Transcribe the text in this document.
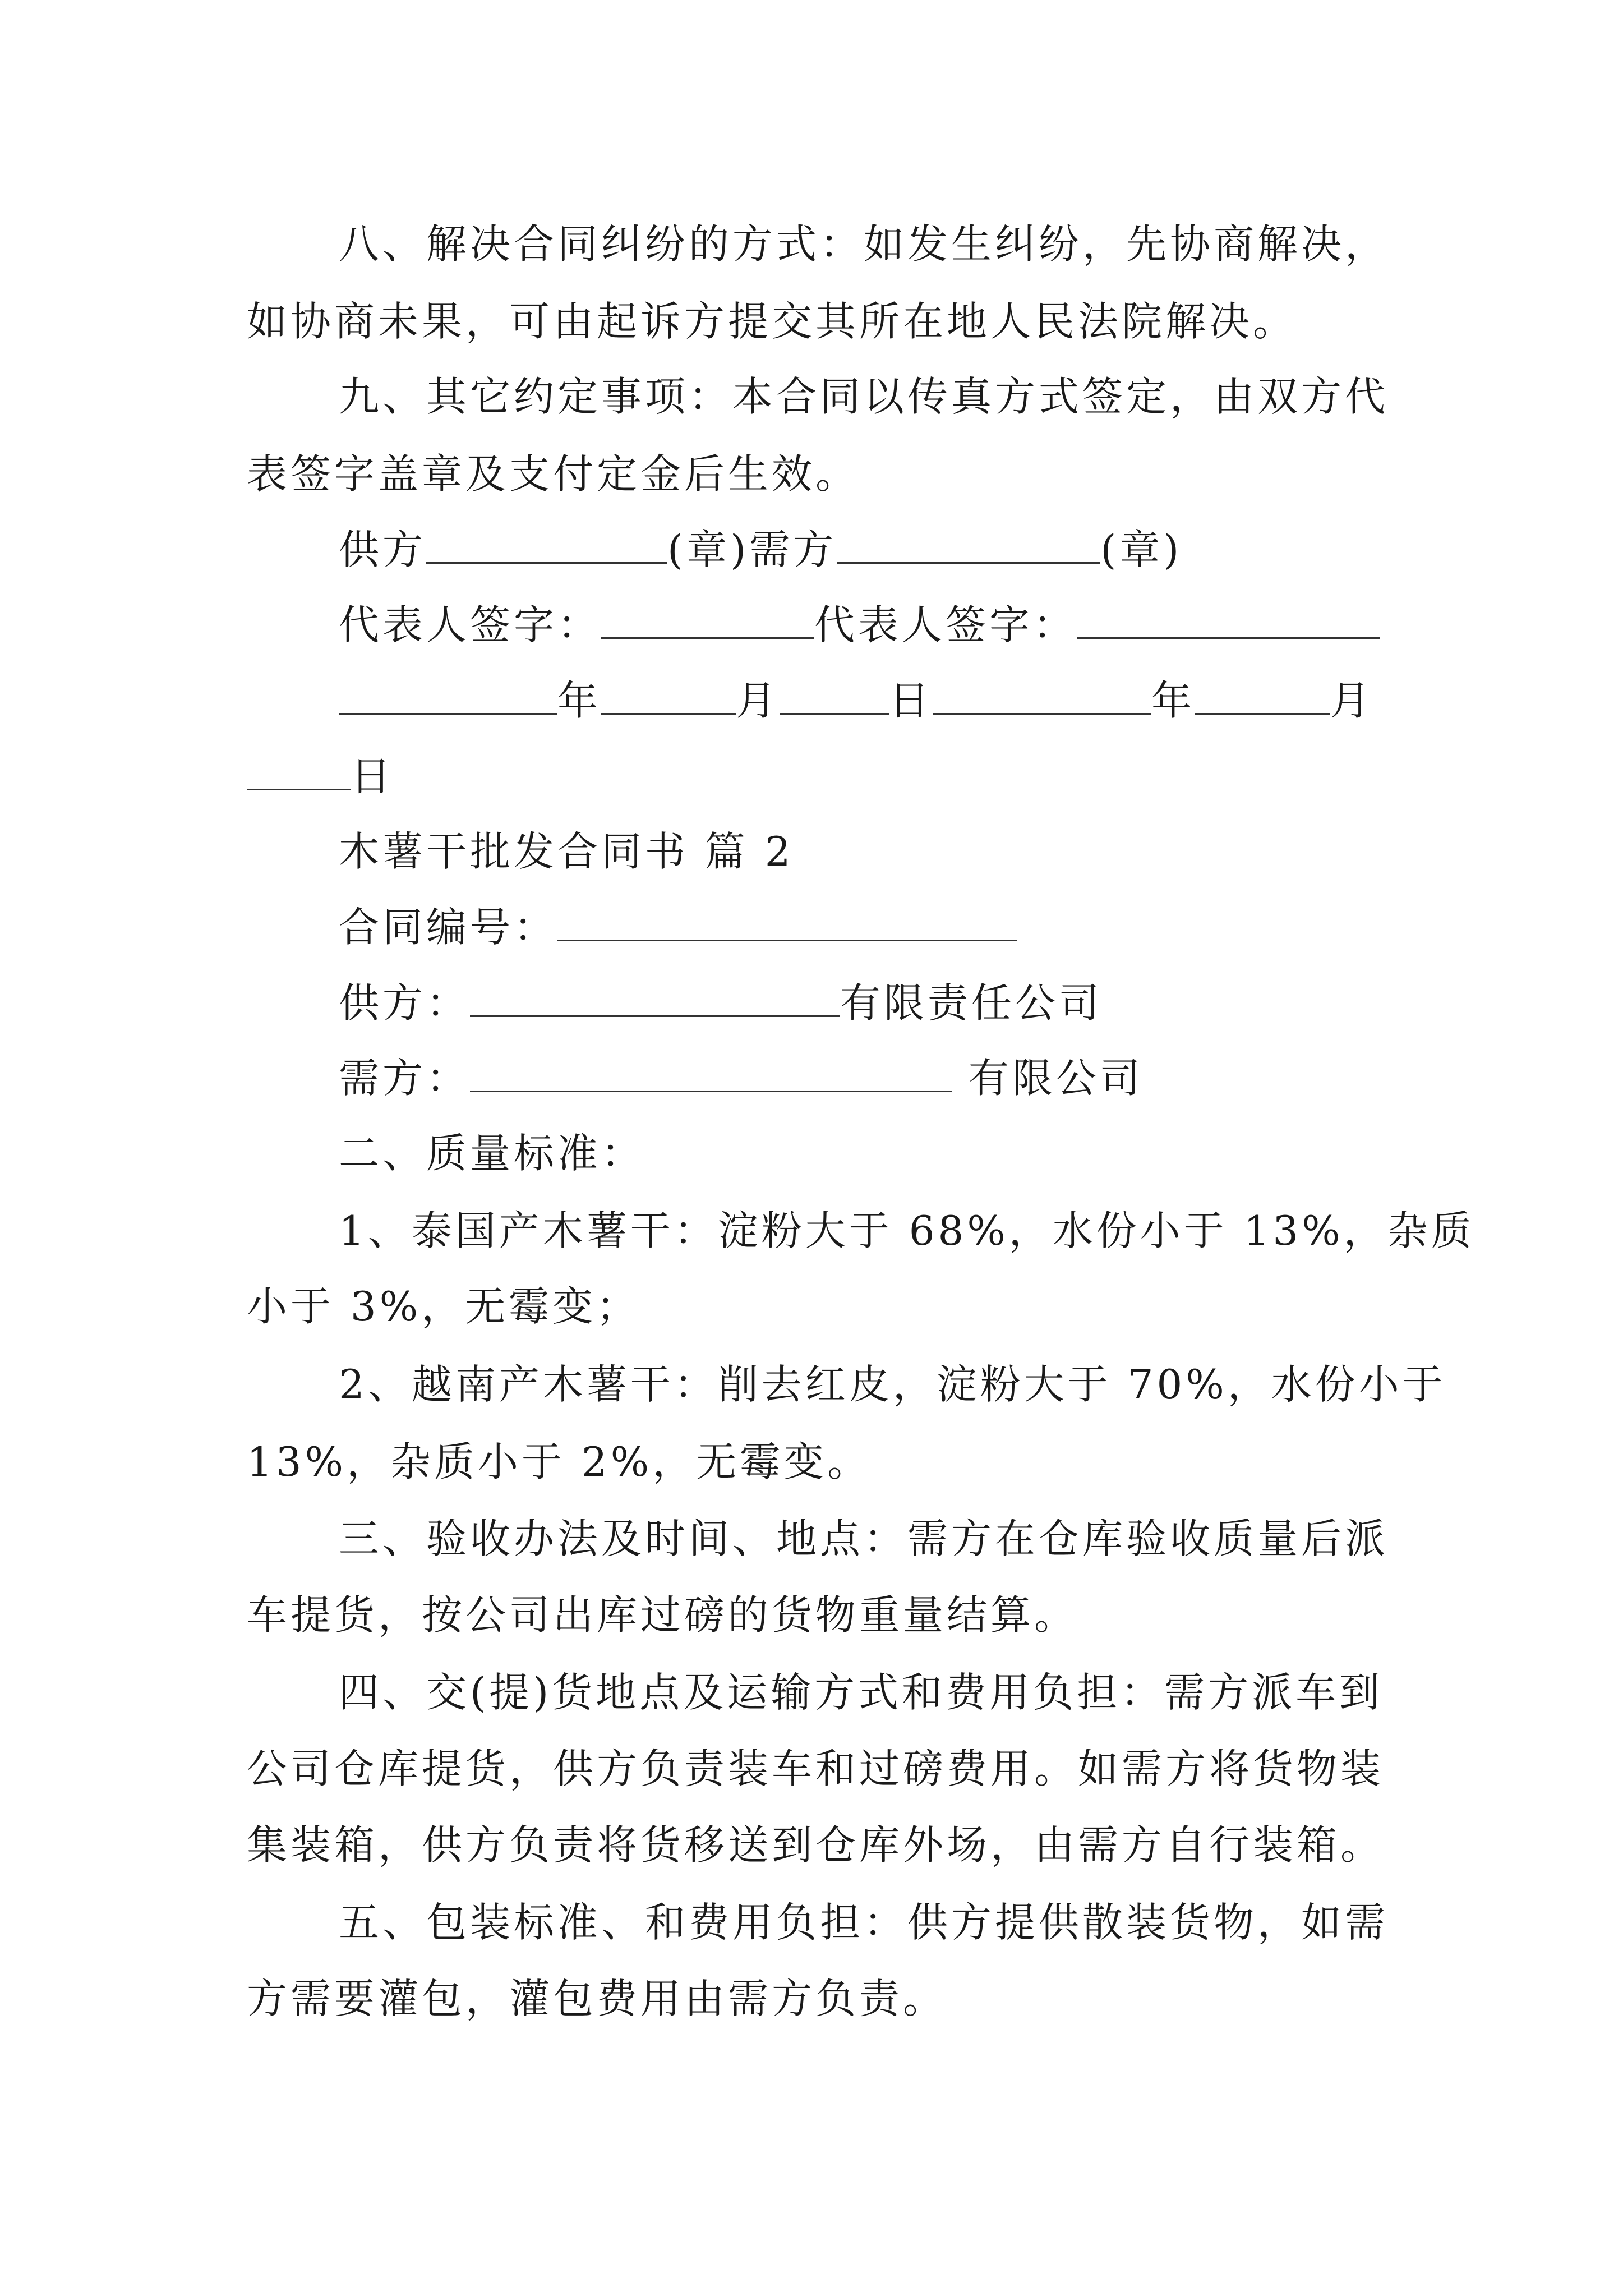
八、解决合同纠纷的方式：如发生纠纷，先协商解决，
如协商未果，可由起诉方提交其所在地人民法院解决。
九、其它约定事项：本合同以传真方式签定，由双方代
表签字盖章及支付定金后生效。
供方	(章)需方	(章)
代表人签字：	代表人签字：
年	月	日	年	月
日
木薯干批发合同书 篇 2
合同编号：
供方：	有限责任公司
需方：	有限公司
二、质量标准：
1、泰国产木薯干：淀粉大于 68%，水份小于 13%，杂质
小于 3%，无霉变；
2、越南产木薯干：削去红皮，淀粉大于 70%，水份小于
13%，杂质小于 2%，无霉变。
三、验收办法及时间、地点：需方在仓库验收质量后派
车提货，按公司出库过磅的货物重量结算。
四、交(提)货地点及运输方式和费用负担：需方派车到
公司仓库提货，供方负责装车和过磅费用。如需方将货物装
集装箱，供方负责将货移送到仓库外场，由需方自行装箱。
五、包装标准、和费用负担：供方提供散装货物，如需
方需要灌包，灌包费用由需方负责。
